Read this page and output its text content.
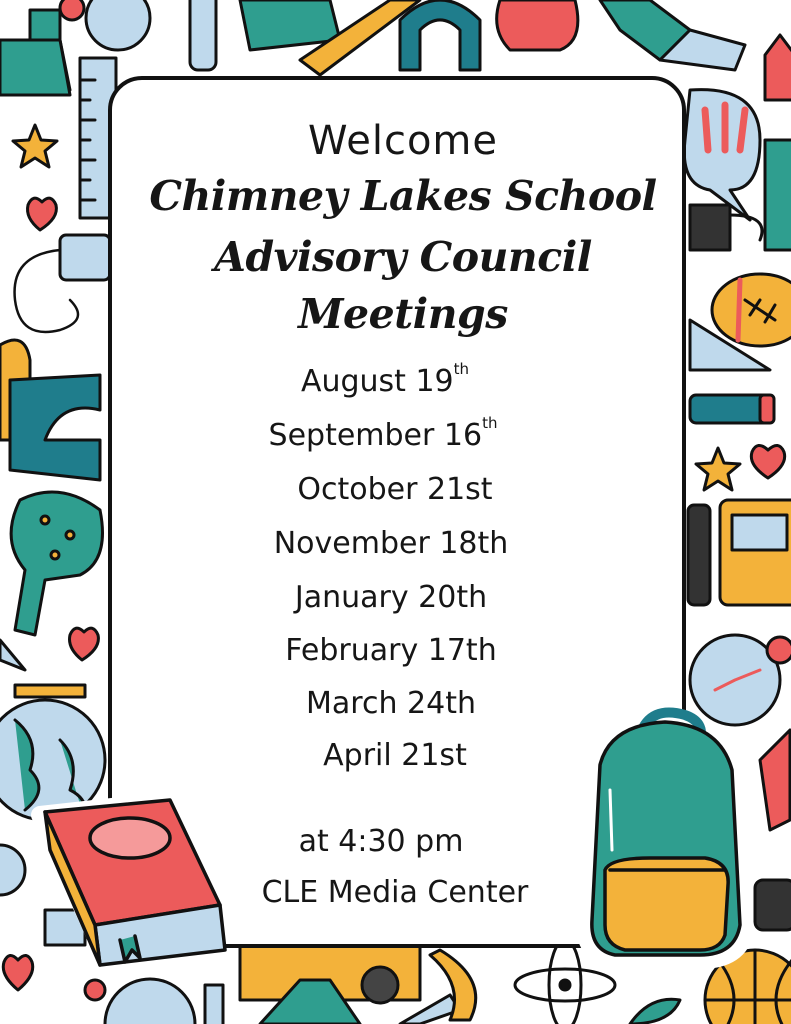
Welcome
Chimney Lakes School
Advisory Council
Meetings
August 19th
September 16th
October 21st
November 18th
January 20th
February 17th
March 24th
April 21st
at 4:30 pm
CLE Media Center
